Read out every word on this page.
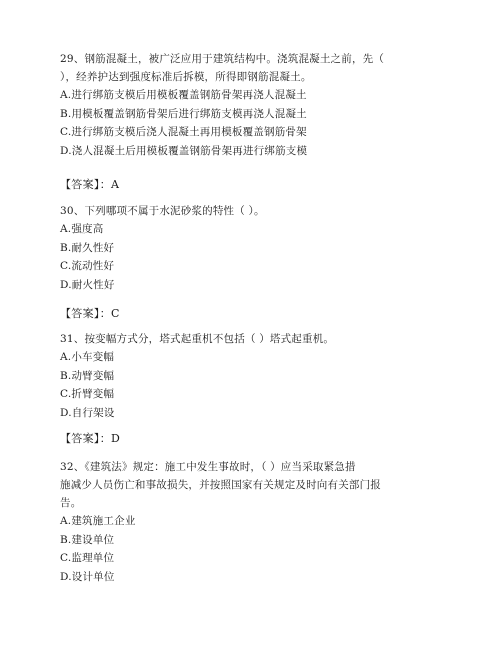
29、钢筋混凝土，被广泛应用于建筑结构中。浇筑混凝土之前，先（
），经养护达到强度标准后拆模，所得即钢筋混凝土。
A.进行绑筋支模后用模板覆盖钢筋骨架再浇人混凝土
B.用模板覆盖钢筋骨架后进行绑筋支模再浇人混凝土
C.进行绑筋支模后浇人混凝土再用模板覆盖钢筋骨架
D.浇人混凝土后用模板覆盖钢筋骨架再进行绑筋支模
【答案】：A
30、下列哪项不属于水泥砂浆的特性（ ）。
A.强度高
B.耐久性好
C.流动性好
D.耐火性好
【答案】：C
31、按变幅方式分，塔式起重机不包括（ ）塔式起重机。
A.小车变幅
B.动臂变幅
C.折臂变幅
D.自行架设
【答案】：D
32、《建筑法》规定：施工中发生事故时，（ ）应当采取紧急措
施减少人员伤亡和事故损失，并按照国家有关规定及时向有关部门报
告。
A.建筑施工企业
B.建设单位
C.监理单位
D.设计单位
